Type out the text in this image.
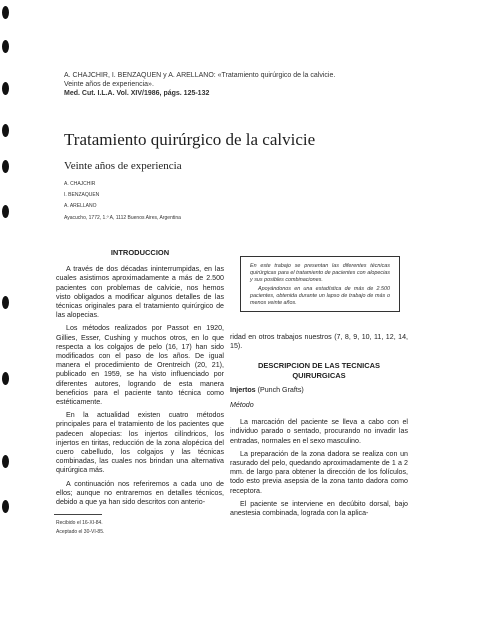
A. CHAJCHIR, I. BENZAQUEN y A. ARELLANO: «Tratamiento quirúrgico de la calvicie.
Veinte años de experiencia».
Med. Cut. I.L.A. Vol. XIV/1986, págs. 125-132
Tratamiento quirúrgico de la calvicie
Veinte años de experiencia
A. CHAJCHIR
I. BENZAQUEN
A. ARELLANO
Ayacucho, 1772, 1.º A, 1112 Buenos Aires, Argentina

En este trabajo se presentan las diferentes técnicas quirúrgicas para el tratamiento de pacientes con alopecias y sus posibles combinaciones.

Apoyándonos en una estadística de más de 2.500 pacientes, obtenida durante un lapso de trabajo de más o menos veinte años.

INTRODUCCION

A través de dos décadas ininterrumpidas, en las cuales asistimos aproximadamente a más de 2.500 pacientes con problemas de calvicie, nos hemos visto obligados a modificar algunos detalles de las técnicas originales para el tratamiento quirúrgico de las alopecias.

Los métodos realizados por Passot en 1920, Gillies, Esser, Cushing y muchos otros, en lo que respecta a los colgajos de pelo (16, 17) han sido modificados con el paso de los años. De igual manera el procedimiento de Orentreich (20, 21), publicado en 1959, se ha visto influenciado por diferentes autores, logrando de esta manera beneficios para el paciente tanto técnica como estéticamente.

En la actualidad existen cuatro métodos principales para el tratamiento de los pacientes que padecen alopecias: los injertos cilíndricos, los injertos en tiritas, reducción de la zona alopécica del cuero cabelludo, los colgajos y las técnicas combinadas, las cuales nos brindan una alternativa quirúrgica más.

A continuación nos referiremos a cada uno de ellos; aunque no entraremos en detalles técnicos, debido a que ya han sido descritos con anterio-

Recibido el 16-XI-84.
Aceptado el 30-VI-85.

ridad en otros trabajos nuestros (7, 8, 9, 10, 11, 12, 14, 15).

DESCRIPCION DE LAS TECNICAS QUIRURGICAS
Injertos (Punch Grafts)
Método

La marcación del paciente se lleva a cabo con el individuo parado o sentado, procurando no invadir las entradas, normales en el sexo masculino.

La preparación de la zona dadora se realiza con un rasurado del pelo, quedando aproximadamente de 1 a 2 mm. de largo para obtener la dirección de los folículos, todo esto previa asepsia de la zona tanto dadora como receptora.

El paciente se interviene en decúbito dorsal, bajo anestesia combinada, lograda con la aplica-
